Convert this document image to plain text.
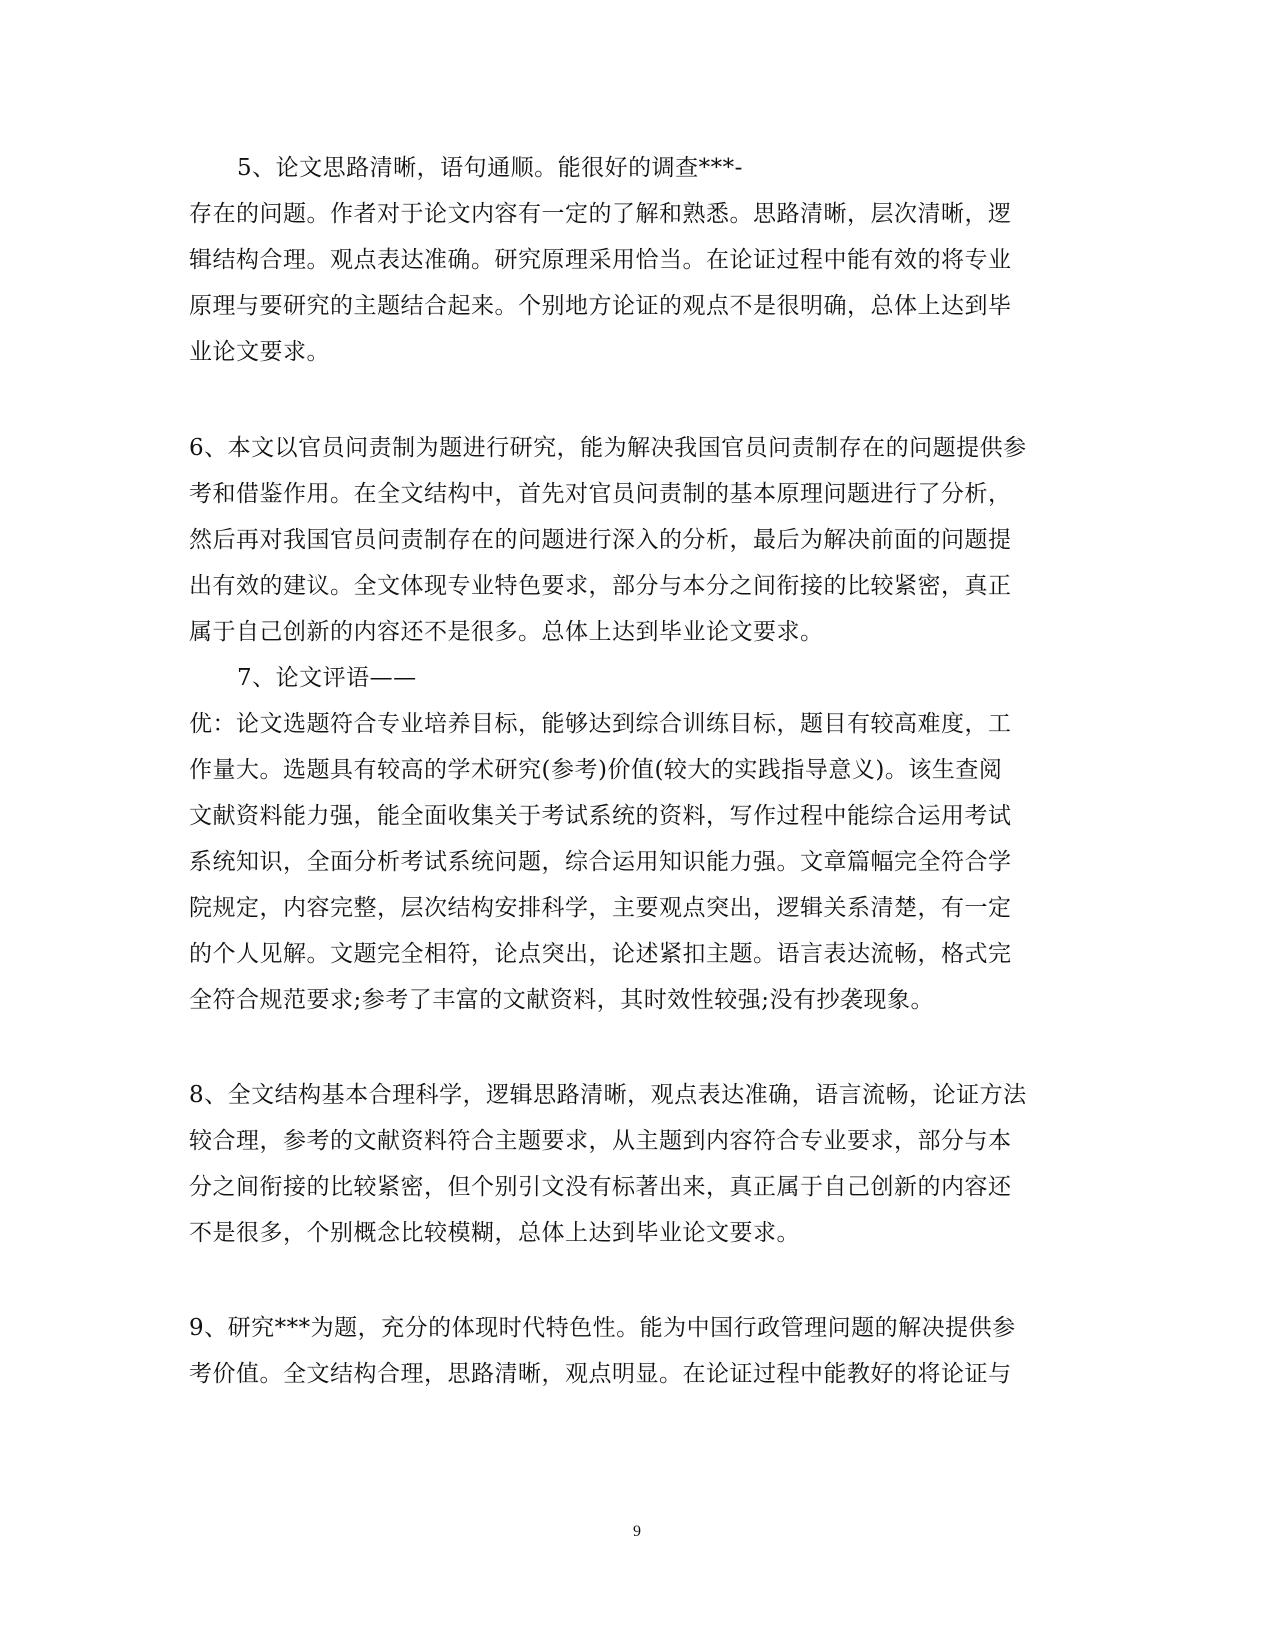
5、论文思路清晰，语句通顺。能很好的调查***-
存在的问题。作者对于论文内容有一定的了解和熟悉。思路清晰，层次清晰，逻
辑结构合理。观点表达准确。研究原理采用恰当。在论证过程中能有效的将专业
原理与要研究的主题结合起来。个别地方论证的观点不是很明确，总体上达到毕
业论文要求。
6、本文以官员问责制为题进行研究，能为解决我国官员问责制存在的问题提供参
考和借鉴作用。在全文结构中，首先对官员问责制的基本原理问题进行了分析，
然后再对我国官员问责制存在的问题进行深入的分析，最后为解决前面的问题提
出有效的建议。全文体现专业特色要求，部分与本分之间衔接的比较紧密，真正
属于自己创新的内容还不是很多。总体上达到毕业论文要求。
7、论文评语——
优：论文选题符合专业培养目标，能够达到综合训练目标，题目有较高难度，工
作量大。选题具有较高的学术研究(参考)价值(较大的实践指导意义)。该生查阅
文献资料能力强，能全面收集关于考试系统的资料，写作过程中能综合运用考试
系统知识，全面分析考试系统问题，综合运用知识能力强。文章篇幅完全符合学
院规定，内容完整，层次结构安排科学，主要观点突出，逻辑关系清楚，有一定
的个人见解。文题完全相符，论点突出，论述紧扣主题。语言表达流畅，格式完
全符合规范要求;参考了丰富的文献资料，其时效性较强;没有抄袭现象。
8、全文结构基本合理科学，逻辑思路清晰，观点表达准确，语言流畅，论证方法
较合理，参考的文献资料符合主题要求，从主题到内容符合专业要求，部分与本
分之间衔接的比较紧密，但个别引文没有标著出来，真正属于自己创新的内容还
不是很多，个别概念比较模糊，总体上达到毕业论文要求。
9、研究***为题，充分的体现时代特色性。能为中国行政管理问题的解决提供参
考价值。全文结构合理，思路清晰，观点明显。在论证过程中能教好的将论证与
9
